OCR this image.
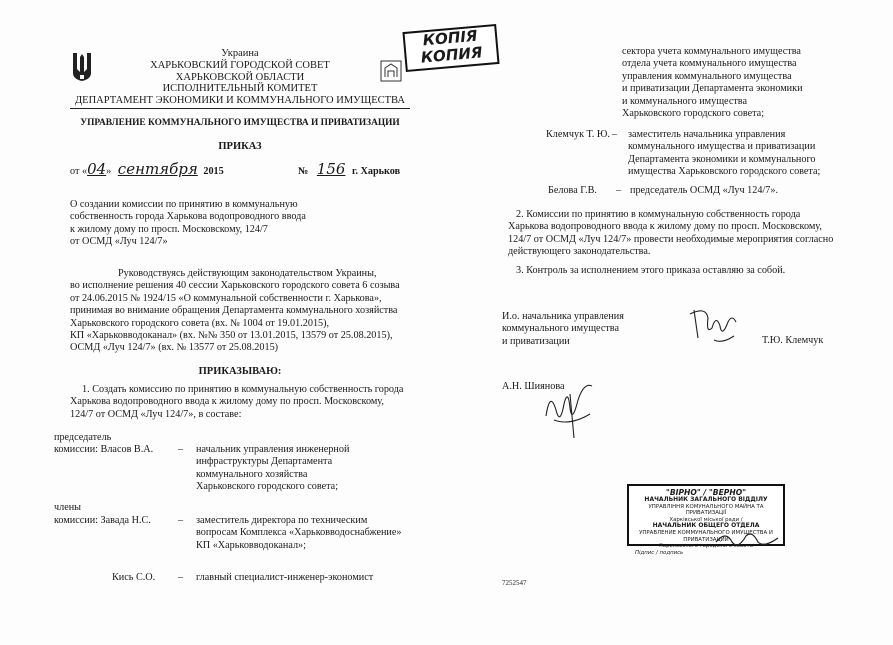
Украина
ХАРЬКОВСКИЙ ГОРОДСКОЙ СОВЕТ
ХАРЬКОВСКОЙ ОБЛАСТИ
ИСПОЛНИТЕЛЬНЫЙ КОМИТЕТ
ДЕПАРТАМЕНТ ЭКОНОМИКИ И КОММУНАЛЬНОГО ИМУЩЕСТВА
УПРАВЛЕНИЕ КОММУНАЛЬНОГО ИМУЩЕСТВА И ПРИВАТИЗАЦИИ
ПРИКАЗ
от «04» сентября 2015	№ 156 г. Харьков
КОПІЯ
КОПИЯ
О создании комиссии по принятию в коммунальную
собственность города Харькова водопроводного ввода
к жилому дому по просп. Московскому, 124/7
от ОСМД «Луч 124/7»
Руководствуясь действующим законодательством Украины,
во исполнение решения 40 сессии Харьковского городского совета 6 созыва
от 24.06.2015 № 1924/15 «О коммунальной собственности г. Харькова»,
принимая во внимание обращения Департамента коммунального хозяйства
Харьковского городского совета (вх. № 1004 от 19.01.2015),
КП «Харьковводоканал» (вх. №№ 350 от 13.01.2015, 13579 от 25.08.2015),
ОСМД «Луч 124/7» (вх. № 13577 от 25.08.2015)
ПРИКАЗЫВАЮ:
1. Создать комиссию по принятию в коммунальную собственность города
Харькова водопроводного ввода к жилому дому по просп. Московскому,
124/7 от ОСМД «Луч 124/7», в составе:
председатель
комиссии: Власов В.А. – начальник управления инженерной
инфраструктуры Департамента
коммунального хозяйства
Харьковского городского совета;
члены
комиссии: Завада Н.С.	– заместитель директора по техническим
вопросам Комплекса «Харьковводоснабжение»
КП «Харьковводоканал»;
Кись С.О. – главный специалист-инженер-экономист
сектора учета коммунального имущества
отдела учета коммунального имущества
управления коммунального имущества
и приватизации Департамента экономики
и коммунального имущества
Харьковского городского совета;
Клемчук Т. Ю. – заместитель начальника управления
коммунального имущества и приватизации
Департамента экономики и коммунального
имущества Харьковского городского совета;
Белова Г.В. – председатель ОСМД «Луч 124/7».
2. Комиссии по принятию в коммунальную собственность города
Харькова водопроводного ввода к жилому дому по просп. Московскому,
124/7 от ОСМД «Луч 124/7» провести необходимые мероприятия согласно
действующего законодательства.
3. Контроль за исполнением этого приказа оставляю за собой.
И.о. начальника управления
коммунального имущества
и приватизации	Т.Ю. Клемчук
А.Н. Шиянова
7252547
"ВІРНО" / "ВЕРНО"
НАЧАЛЬНИК ЗАГАЛЬНОГО ВІДДІЛУ
УПРАВЛІННЯ КОМУНАЛЬНОГО МАЙНА ТА ПРИВАТИЗАЦІЇ
Харківської міської ради /
НАЧАЛЬНИК ОБЩЕГО ОТДЕЛА
УПРАВЛЕНИЕ КОММУНАЛЬНОГО ИМУЩЕСТВА И ПРИВАТИЗАЦИИ
Харьковского городского совета
Підпис / подпись
